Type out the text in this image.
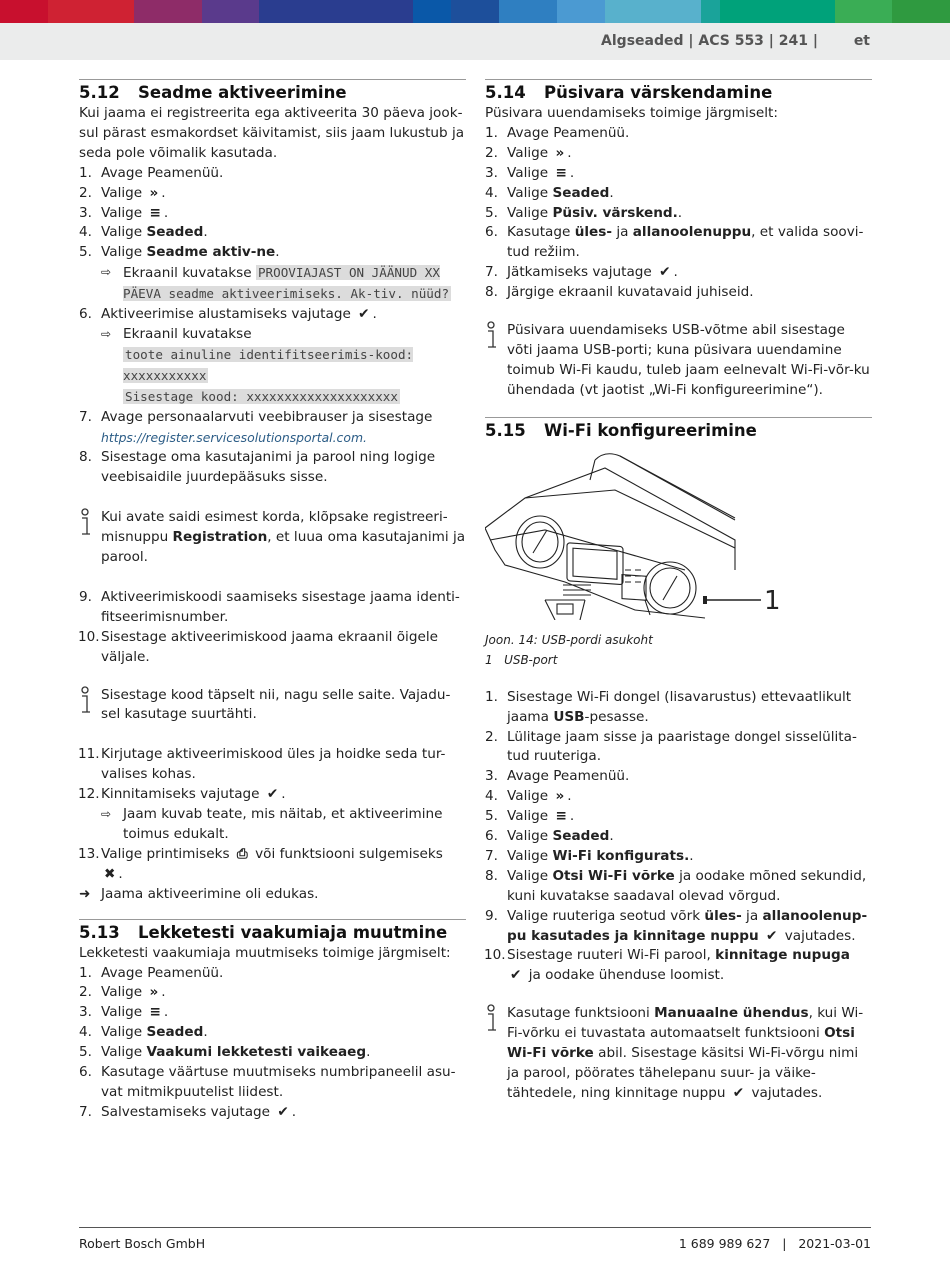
Algseaded | ACS 553 | 241 |	et
5.12	Seadme aktiveerimine

Kui jaama ei registreerita ega aktiveerita 30 päeva jook-sul pärast esmakordset käivitamist, siis jaam lukustub ja seda pole võimalik kasutada.

1. Avage Peamenüü.
2. Valige » .
3. Valige ≡ .
4. Valige Seaded.
5. Valige Seadme aktiv-ne.
⇨ Ekraanil kuvatakse PROOVIAJAST ON JÄÄNUD XX PÄEVA seadme aktiveerimiseks. Ak-tiv. nüüd?
6. Aktiveerimise alustamiseks vajutage ✔ .
⇨ Ekraanil kuvatakse
toote ainuline identifitseerimis-kood: xxxxxxxxxxx
Sisestage kood: xxxxxxxxxxxxxxxxxxxx
7. Avage personaalarvuti veebibrauser ja sisestage
https://register.servicesolutionsportal.com.
8. Sisestage oma kasutajanimi ja parool ning logige veebisaidile juurdepääsuks sisse.
Kui avate saidi esimest korda, klõpsake registreeri-misnuppu Registration, et luua oma kasutajanimi ja parool.
9. Aktiveerimiskoodi saamiseks sisestage jaama identi-fitseerimisnumber.
10. Sisestage aktiveerimiskood jaama ekraanil õigele väljale.
Sisestage kood täpselt nii, nagu selle saite. Vajadu-sel kasutage suurtähti.
11. Kirjutage aktiveerimiskood üles ja hoidke seda tur-valises kohas.
12. Kinnitamiseks vajutage ✔ .
⇨ Jaam kuvab teate, mis näitab, et aktiveerimine toimus edukalt.
13. Valige printimiseks ⎙ või funktsiooni sulgemiseks
✖ .
➜ Jaama aktiveerimine oli edukas.
5.13	Lekketesti vaakumiaja muutmine

Lekketesti vaakumiaja muutmiseks toimige järgmiselt:

1. Avage Peamenüü.
2. Valige » .
3. Valige ≡ .
4. Valige Seaded.
5. Valige Vaakumi lekketesti vaikeaeg.
6. Kasutage väärtuse muutmiseks numbripaneelil asu-vat mitmikpuutelist liidest.
7. Salvestamiseks vajutage ✔ .
5.14	Püsivara värskendamine

Püsivara uuendamiseks toimige järgmiselt:

1. Avage Peamenüü.
2. Valige » .
3. Valige ≡ .
4. Valige Seaded.
5. Valige Püsiv. värskend..
6. Kasutage üles- ja allanoolenuppu, et valida soovi-tud režiim.
7. Jätkamiseks vajutage ✔ .
8. Järgige ekraanil kuvatavaid juhiseid.
Püsivara uuendamiseks USB-võtme abil sisestage võti jaama USB-porti; kuna püsivara uuendamine toimub Wi-Fi kaudu, tuleb jaam eelnevalt Wi-Fi-võr-ku ühendada (vt jaotist „Wi-Fi konfigureerimine“).
5.15	Wi-Fi konfigureerimine
1
Joon. 14: USB-pordi asukoht
1 USB-port
1. Sisestage Wi-Fi dongel (lisavarustus) ettevaatlikult jaama USB-pesasse.
2. Lülitage jaam sisse ja paaristage dongel sisselülita-tud ruuteriga.
3. Avage Peamenüü.
4. Valige » .
5. Valige ≡ .
6. Valige Seaded.
7. Valige Wi-Fi konfigurats..
8. Valige Otsi Wi-Fi võrke ja oodake mõned sekundid, kuni kuvatakse saadaval olevad võrgud.
9. Valige ruuteriga seotud võrk üles- ja allanoolenup-pu kasutades ja kinnitage nuppu ✔ vajutades.
10. Sisestage ruuteri Wi-Fi parool, kinnitage nupuga
✔ ja oodake ühenduse loomist.
Kasutage funktsiooni Manuaalne ühendus, kui Wi-Fi-võrku ei tuvastata automaatselt funktsiooni Otsi Wi-Fi võrke abil. Sisestage käsitsi Wi-Fi-võrgu nimi ja parool, pöörates tähelepanu suur- ja väike-tähtedele, ning kinnitage nuppu ✔ vajutades.
Robert Bosch GmbH	1 689 989 627 | 2021-03-01
